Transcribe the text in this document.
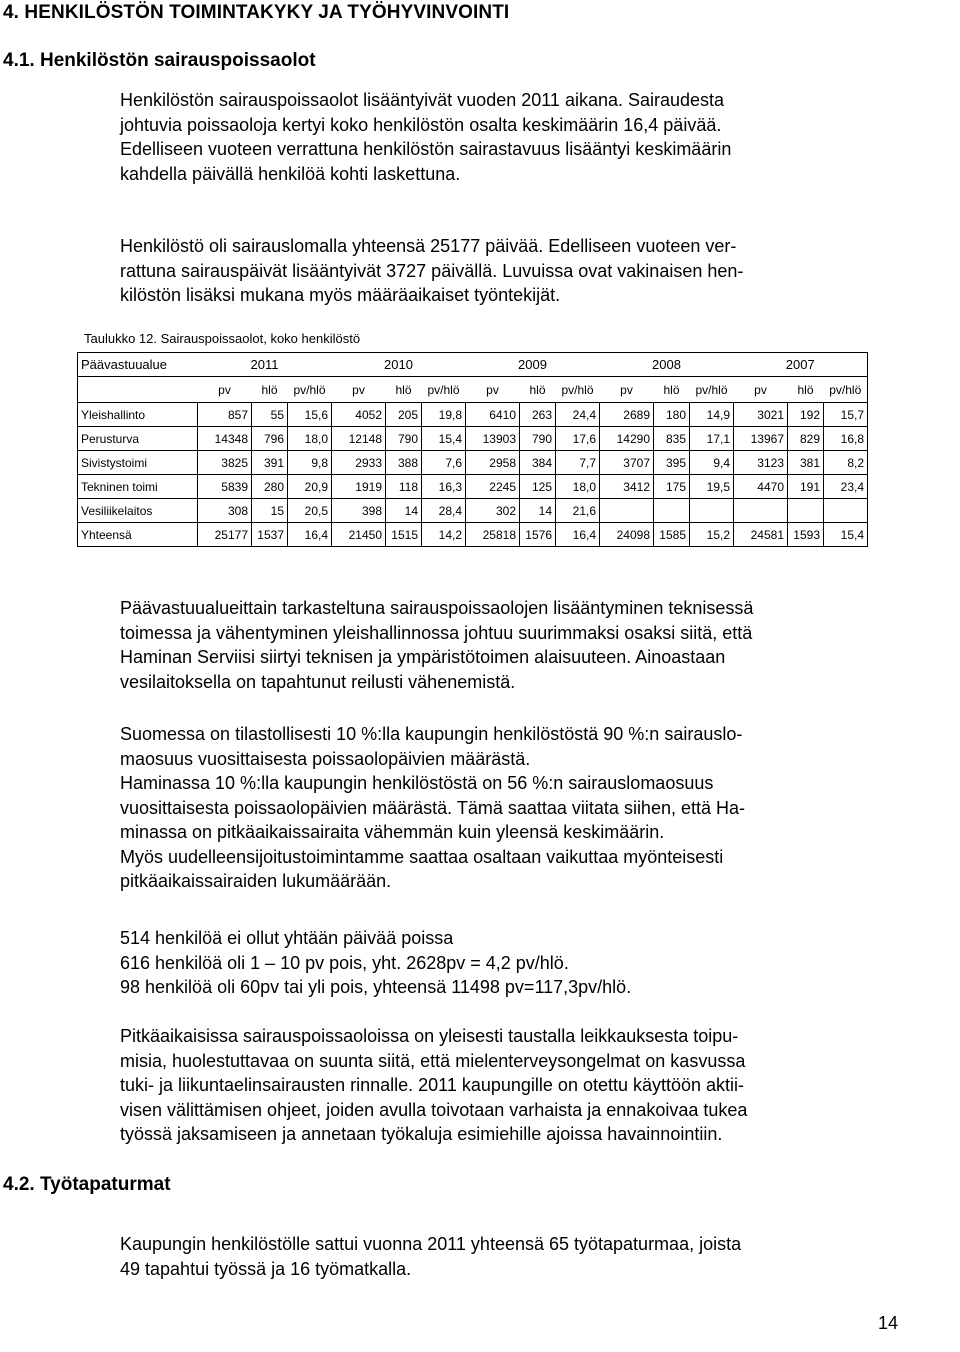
4. HENKILÖSTÖN TOIMINTAKYKY JA TYÖHYVINVOINTI
4.1. Henkilöstön sairauspoissaolot
Henkilöstön sairauspoissaolot lisääntyivät vuoden 2011 aikana. Sairaudesta
johtuvia poissaoloja kertyi koko henkilöstön osalta keskimäärin 16,4 päivää.
Edelliseen vuoteen verrattuna henkilöstön sairastavuus lisääntyi keskimäärin
kahdella päivällä henkilöä kohti laskettuna.
Henkilöstö oli sairauslomalla yhteensä 25177 päivää. Edelliseen vuoteen ver-
rattuna sairauspäivät lisääntyivät 3727 päivällä. Luvuissa ovat vakinaisen hen-
kilöstön lisäksi mukana myös määräaikaiset työntekijät.
Taulukko 12. Sairauspoissaolot, koko henkilöstö
Päävastuualue	2011			2010			2009			2008			2007		
	pv	hlö	pv/hlö	pv	hlö	pv/hlö	pv	hlö	pv/hlö	pv	hlö	pv/hlö	pv	hlö	pv/hlö
Yleishallinto	857	55	15,6	4052	205	19,8	6410	263	24,4	2689	180	14,9	3021	192	15,7
Perusturva	14348	796	18,0	12148	790	15,4	13903	790	17,6	14290	835	17,1	13967	829	16,8
Sivistystoimi	3825	391	9,8	2933	388	7,6	2958	384	7,7	3707	395	9,4	3123	381	8,2
Tekninen toimi	5839	280	20,9	1919	118	16,3	2245	125	18,0	3412	175	19,5	4470	191	23,4
Vesiliikelaitos	308	15	20,5	398	14	28,4	302	14	21,6						
Yhteensä	25177	1537	16,4	21450	1515	14,2	25818	1576	16,4	24098	1585	15,2	24581	1593	15,4
Päävastuualueittain tarkasteltuna sairauspoissaolojen lisääntyminen teknisessä
toimessa ja vähentyminen yleishallinnossa johtuu suurimmaksi osaksi siitä, että
Haminan Serviisi siirtyi teknisen ja ympäristötoimen alaisuuteen. Ainoastaan
vesilaitoksella on tapahtunut reilusti vähenemistä.
Suomessa on tilastollisesti 10 %:lla kaupungin henkilöstöstä 90 %:n sairauslo-
maosuus vuosittaisesta poissaolopäivien määrästä.
Haminassa 10 %:lla kaupungin henkilöstöstä on 56 %:n sairauslomaosuus
vuosittaisesta poissaolopäivien määrästä. Tämä saattaa viitata siihen, että Ha-
minassa on pitkäaikaissairaita vähemmän kuin yleensä keskimäärin.
Myös uudelleensijoitustoimintamme saattaa osaltaan vaikuttaa myönteisesti
pitkäaikaissairaiden lukumäärään.
514 henkilöä ei ollut yhtään päivää poissa
616 henkilöä oli 1 – 10 pv pois, yht. 2628pv = 4,2 pv/hlö.
98 henkilöä oli 60pv tai yli pois, yhteensä 11498 pv=117,3pv/hlö.
Pitkäaikaisissa sairauspoissaoloissa on yleisesti taustalla leikkauksesta toipu-
misia, huolestuttavaa on suunta siitä, että mielenterveysongelmat on kasvussa
tuki- ja liikuntaelinsairausten rinnalle. 2011 kaupungille on otettu käyttöön aktii-
visen välittämisen ohjeet, joiden avulla toivotaan varhaista ja ennakoivaa tukea
työssä jaksamiseen ja annetaan työkaluja esimiehille ajoissa havainnointiin.
4.2. Työtapaturmat
Kaupungin henkilöstölle sattui vuonna 2011 yhteensä 65 työtapaturmaa, joista
49 tapahtui työssä ja 16 työmatkalla.
14
